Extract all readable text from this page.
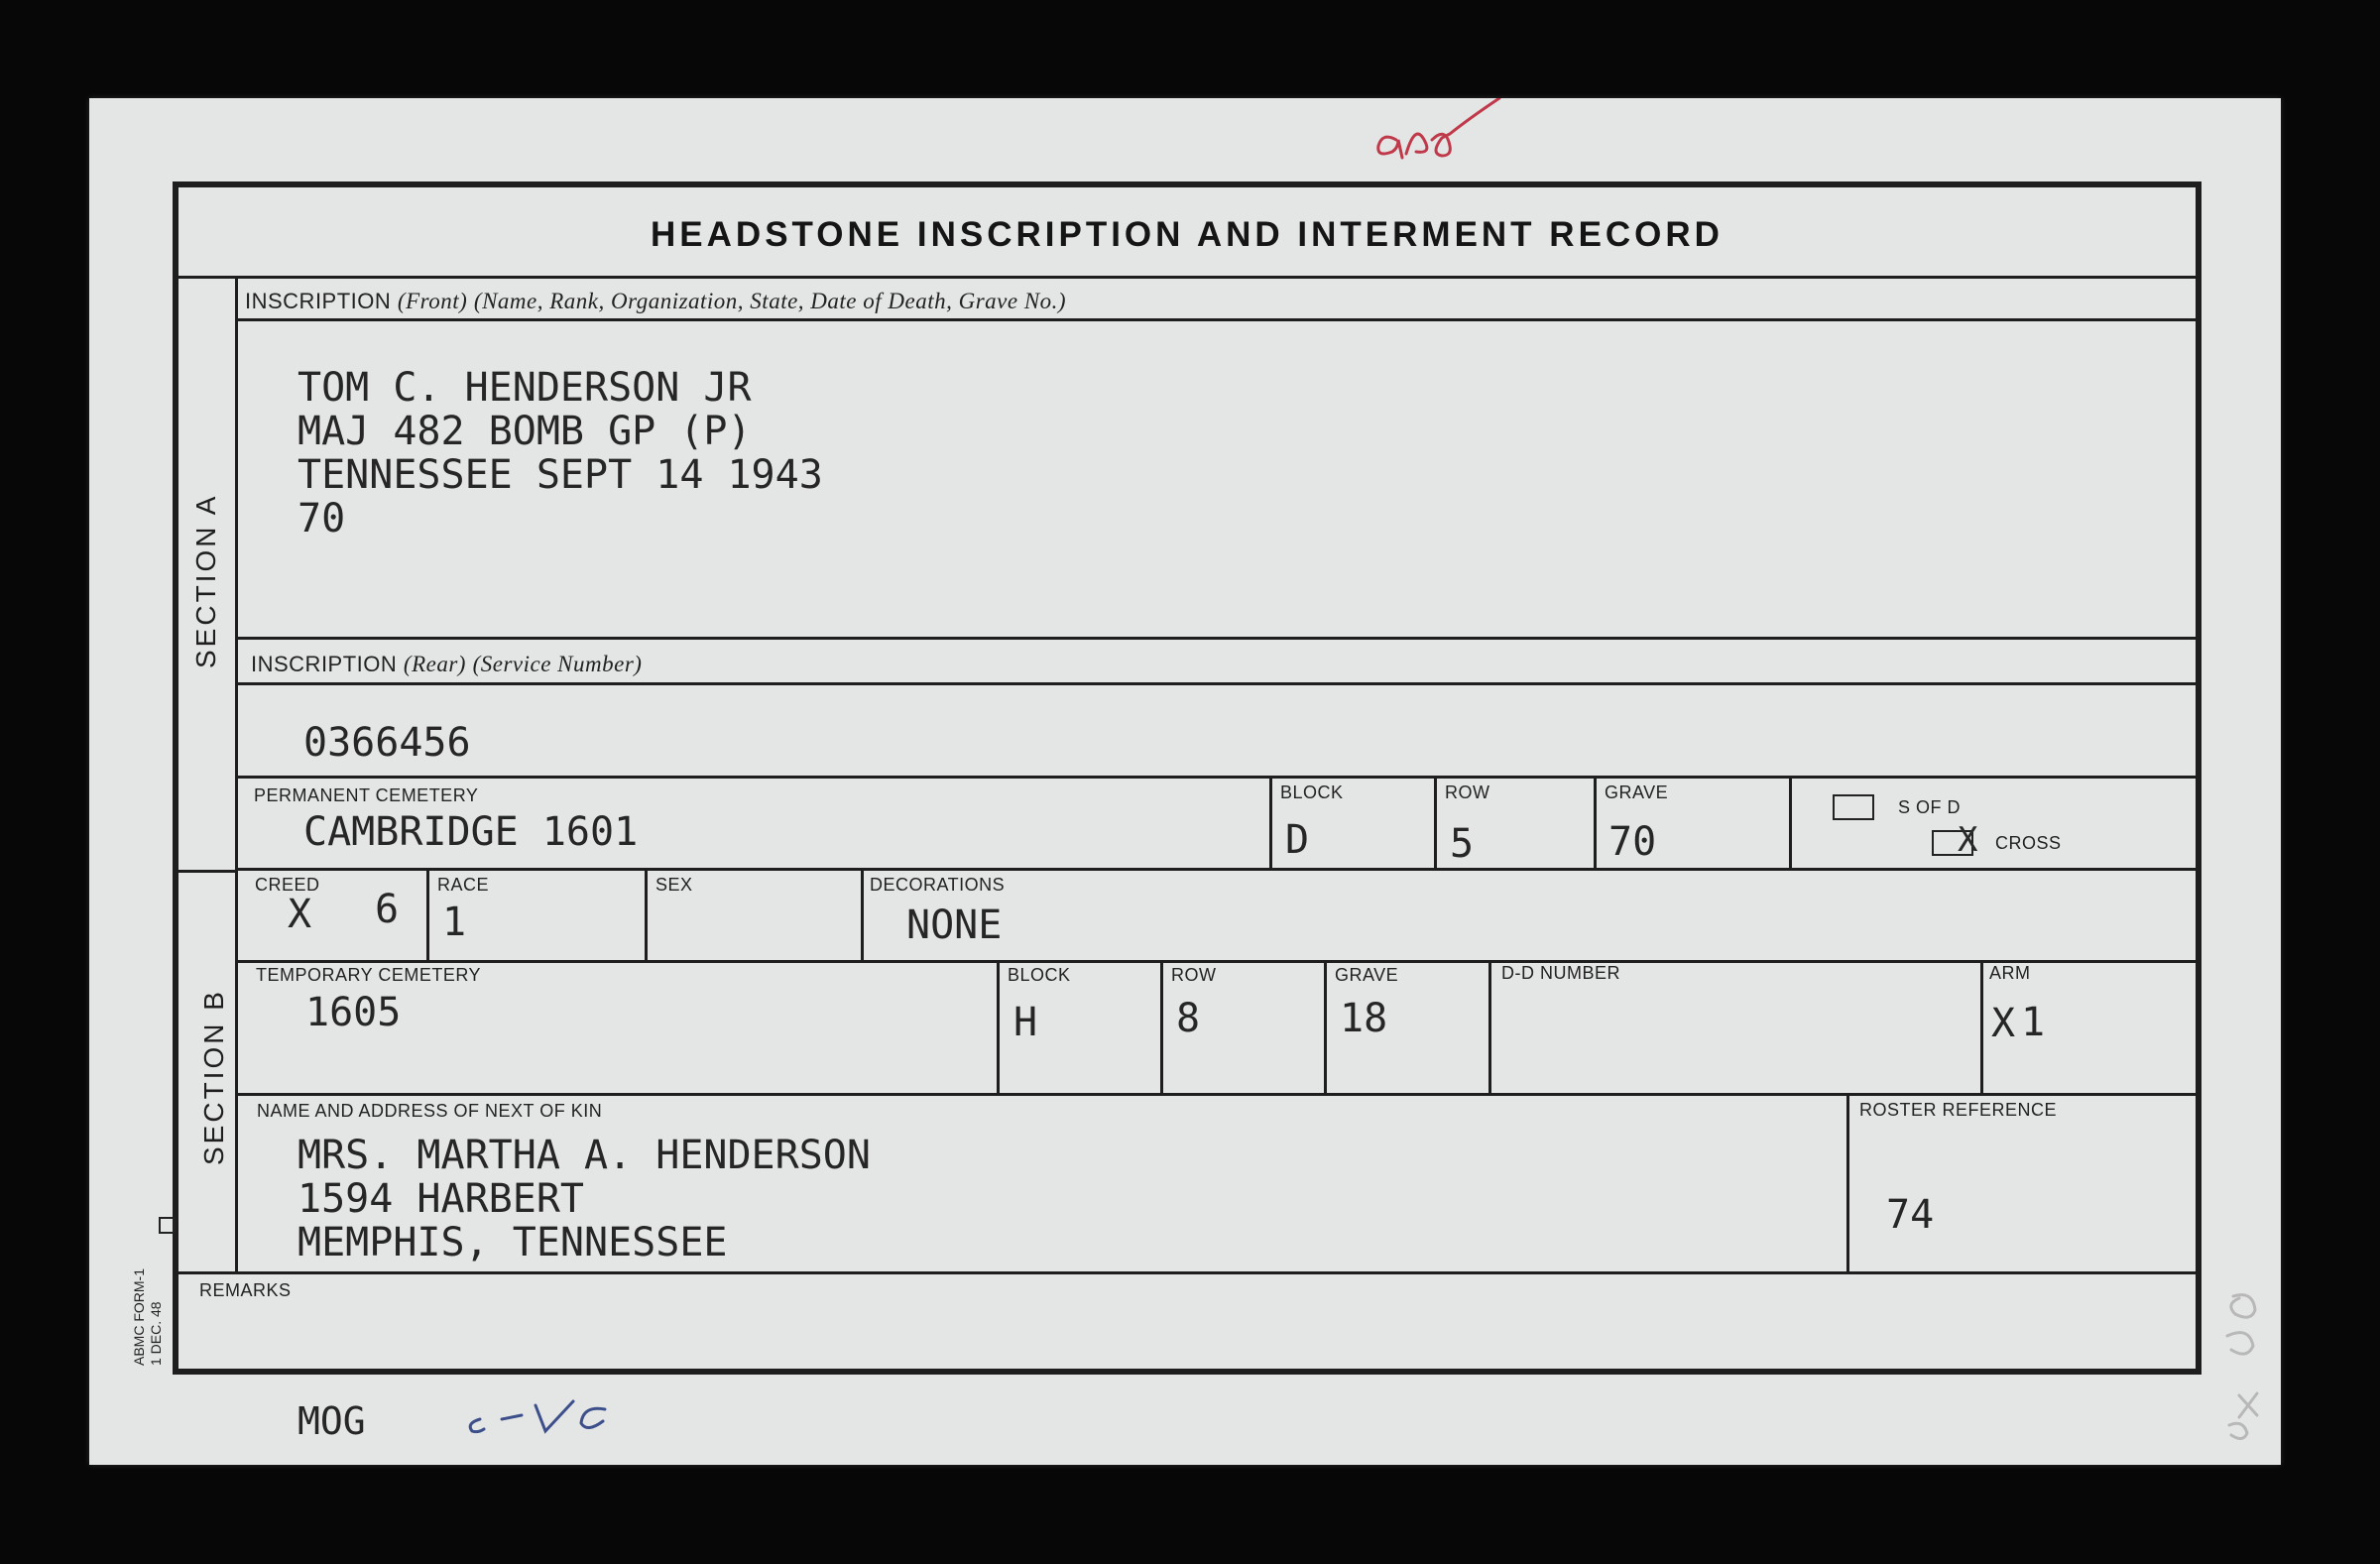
HEADSTONE INSCRIPTION AND INTERMENT RECORD
SECTION A
SECTION B
INSCRIPTION (Front) (Name, Rank, Organization, State, Date of Death, Grave No.)
TOM C. HENDERSON JR
MAJ 482 BOMB GP (P)
TENNESSEE SEPT 14 1943
70
INSCRIPTION (Rear) (Service Number)
0366456
PERMANENT CEMETERY
CAMBRIDGE 1601
BLOCK
D
ROW
5
GRAVE
70
S OF D
X CROSS
CREED
X 6
RACE
1
SEX	DECORATIONS
NONE
TEMPORARY CEMETERY
1605
BLOCK
H
ROW
8
GRAVE
18
D-D NUMBER	ARM
X 1
NAME AND ADDRESS OF NEXT OF KIN
MRS. MARTHA A. HENDERSON
1594 HARBERT
MEMPHIS, TENNESSEE
ROSTER REFERENCE
74
REMARKS
ABMC FORM-1 1 DEC. 48
MOG
